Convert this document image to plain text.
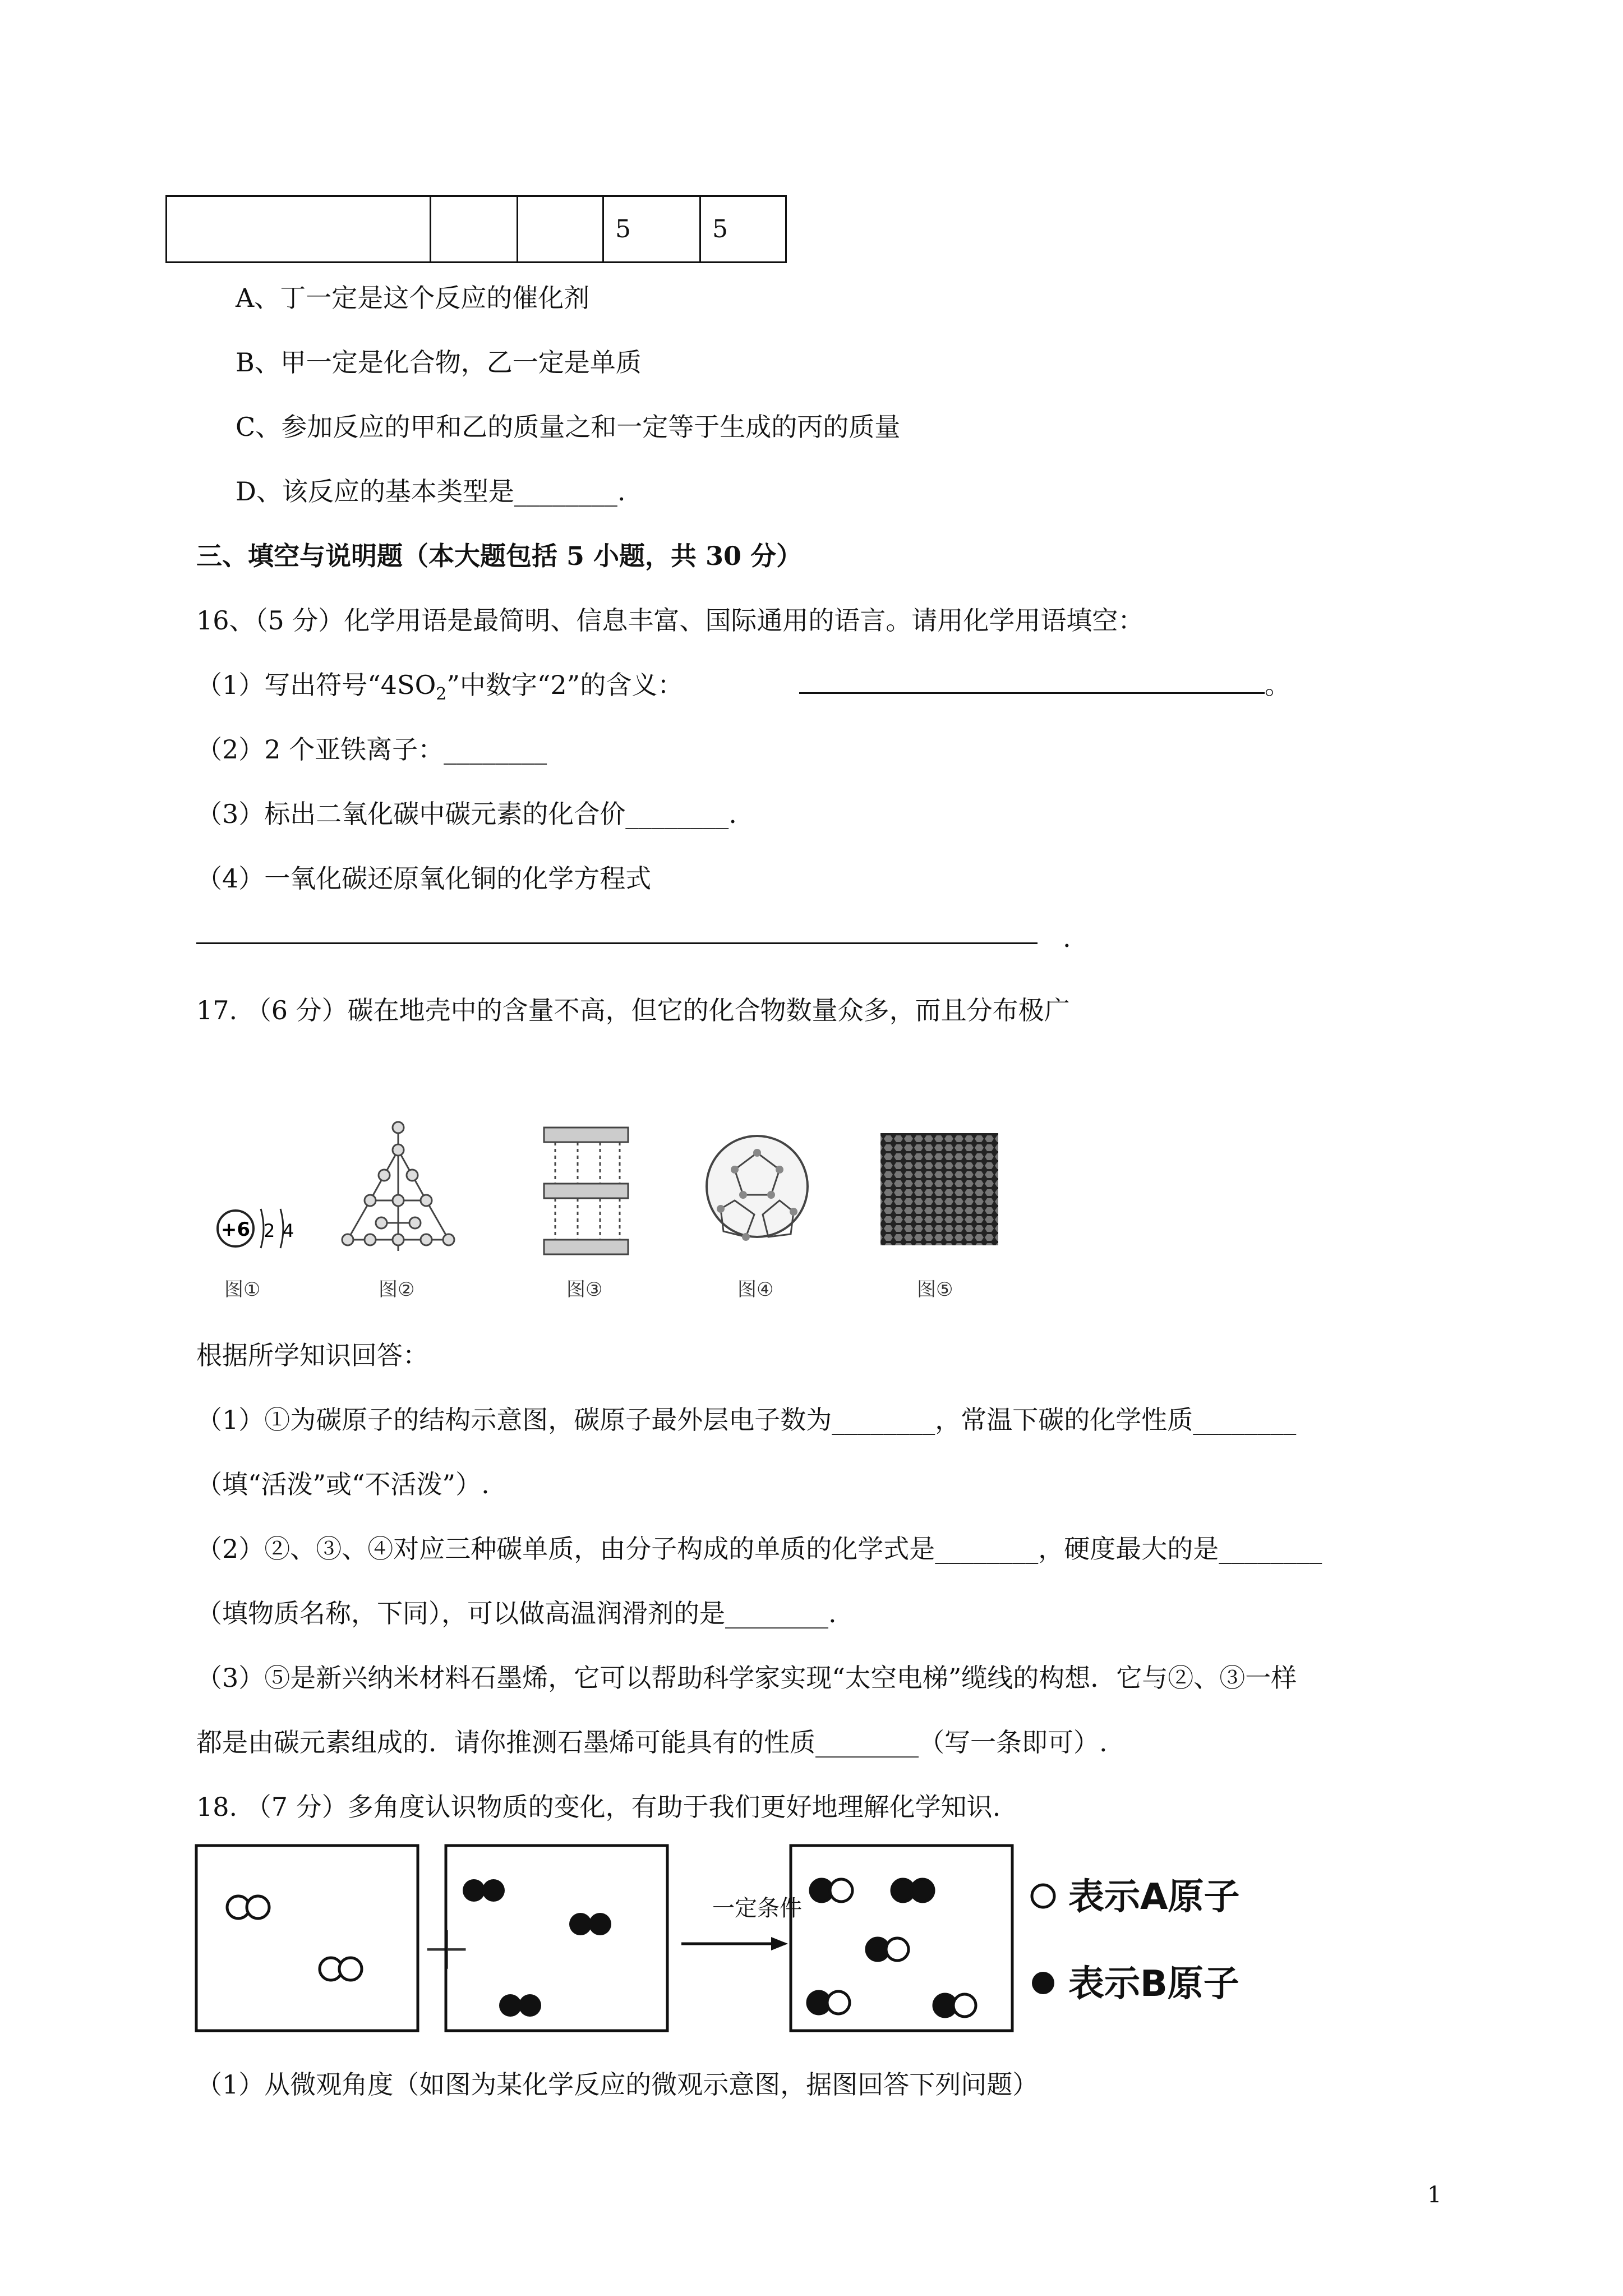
			5	5
A、丁一定是这个反应的催化剂
B、甲一定是化合物，乙一定是单质
C、参加反应的甲和乙的质量之和一定等于生成的丙的质量
D、该反应的基本类型是________.
三、填空与说明题（本大题包括 5 小题，共 30 分）
16、（5 分）化学用语是最简明、信息丰富、国际通用的语言。请用化学用语填空：
（1）写出符号“$4SO_2$”中数字“2”的含义：	。
（2）2 个亚铁离子：________
（3）标出二氧化碳中碳元素的化合价________.
（4）一氧化碳还原氧化铜的化学方程式
.
17. （6 分）碳在地壳中的含量不高，但它的化合物数量众多，而且分布极广
+6 2 4
图①	图②	图③	图④	图⑤
根据所学知识回答：
（1）①为碳原子的结构示意图，碳原子最外层电子数为________，常温下碳的化学性质________
（填“活泼”或“不活泼”）.
（2）②、③、④对应三种碳单质，由分子构成的单质的化学式是________，硬度最大的是________
（填物质名称，下同），可以做高温润滑剂的是________.
（3）⑤是新兴纳米材料石墨烯，它可以帮助科学家实现“太空电梯”缆线的构想．它与②、③一样
都是由碳元素组成的．请你推测石墨烯可能具有的性质________（写一条即可）.
18. （7 分）多角度认识物质的变化，有助于我们更好地理解化学知识.
+
一定条件	表示A原子
表示B原子
（1）从微观角度（如图为某化学反应的微观示意图，据图回答下列问题）
1
